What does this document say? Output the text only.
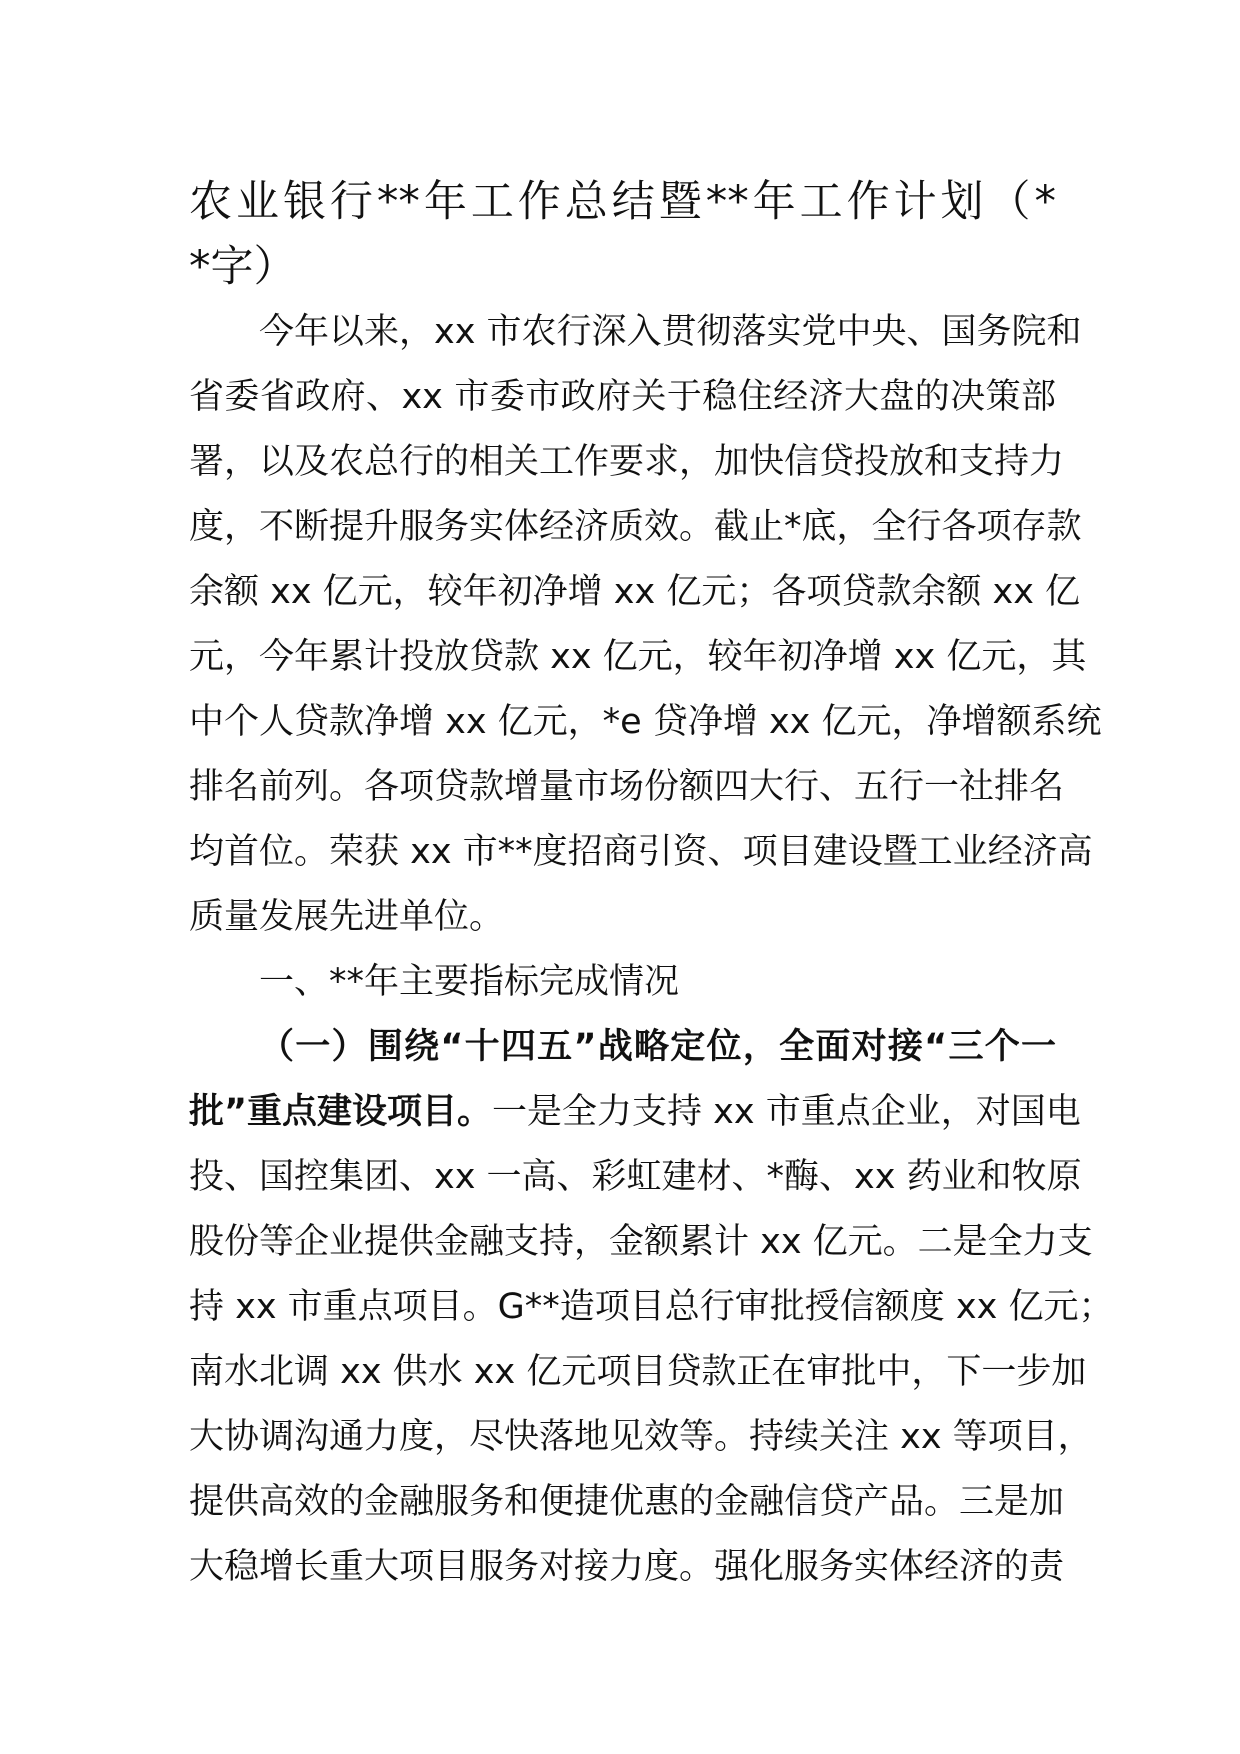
农业银行**年工作总结暨**年工作计划（*
*字）
今年以来，xx 市农行深入贯彻落实党中央、国务院和
省委省政府、xx 市委市政府关于稳住经济大盘的决策部
署，以及农总行的相关工作要求，加快信贷投放和支持力
度，不断提升服务实体经济质效。截止*底，全行各项存款
余额 xx 亿元，较年初净增 xx 亿元；各项贷款余额 xx 亿
元，今年累计投放贷款 xx 亿元，较年初净增 xx 亿元，其
中个人贷款净增 xx 亿元，*e 贷净增 xx 亿元，净增额系统
排名前列。各项贷款增量市场份额四大行、五行一社排名
均首位。荣获 xx 市**度招商引资、项目建设暨工业经济高
质量发展先进单位。
一、**年主要指标完成情况
（一）围绕“十四五”战略定位，全面对接“三个一
批”重点建设项目。一是全力支持 xx 市重点企业，对国电
投、国控集团、xx 一高、彩虹建材、*酶、xx 药业和牧原
股份等企业提供金融支持，金额累计 xx 亿元。二是全力支
持 xx 市重点项目。G**造项目总行审批授信额度 xx 亿元；
南水北调 xx 供水 xx 亿元项目贷款正在审批中，下一步加
大协调沟通力度，尽快落地见效等。持续关注 xx 等项目，
提供高效的金融服务和便捷优惠的金融信贷产品。三是加
大稳增长重大项目服务对接力度。强化服务实体经济的责
